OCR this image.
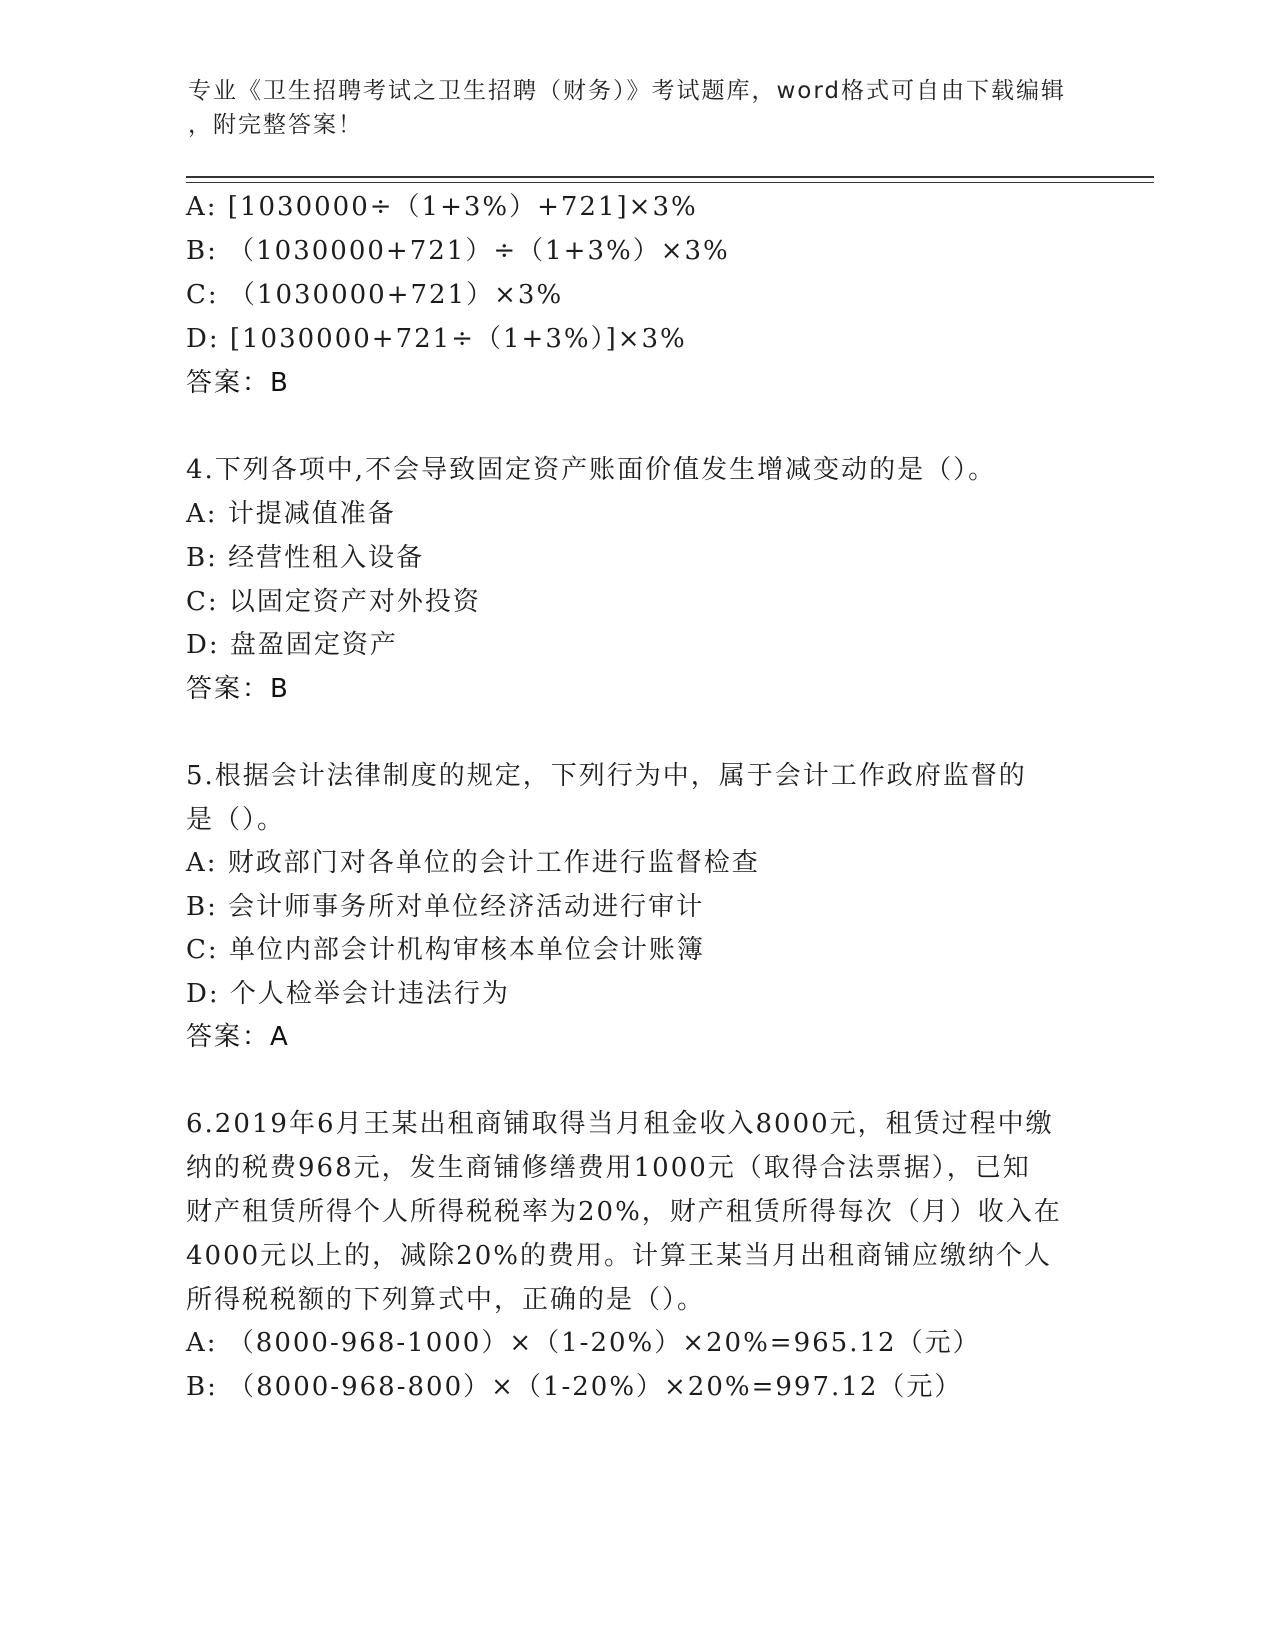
专业《卫生招聘考试之卫生招聘（财务）》考试题库，word格式可自由下载编辑
，附完整答案！
A: [1030000÷（1+3%）+721]×3%
B: （1030000+721）÷（1+3%）×3%
C: （1030000+721）×3%
D: [1030000+721÷（1+3%）]×3%
答案：B
4.下列各项中,不会导致固定资产账面价值发生增减变动的是（）。
A: 计提减值准备
B: 经营性租入设备
C: 以固定资产对外投资
D: 盘盈固定资产
答案：B
5.根据会计法律制度的规定，下列行为中，属于会计工作政府监督的
是（）。
A: 财政部门对各单位的会计工作进行监督检查
B: 会计师事务所对单位经济活动进行审计
C: 单位内部会计机构审核本单位会计账簿
D: 个人检举会计违法行为
答案：A
6.2019年6月王某出租商铺取得当月租金收入8000元，租赁过程中缴
纳的税费968元，发生商铺修缮费用1000元（取得合法票据），已知
财产租赁所得个人所得税税率为20%，财产租赁所得每次（月）收入在
4000元以上的，减除20%的费用。计算王某当月出租商铺应缴纳个人
所得税税额的下列算式中，正确的是（）。
A: （8000-968-1000）×（1-20%）×20%=965.12（元）
B: （8000-968-800）×（1-20%）×20%=997.12（元）
